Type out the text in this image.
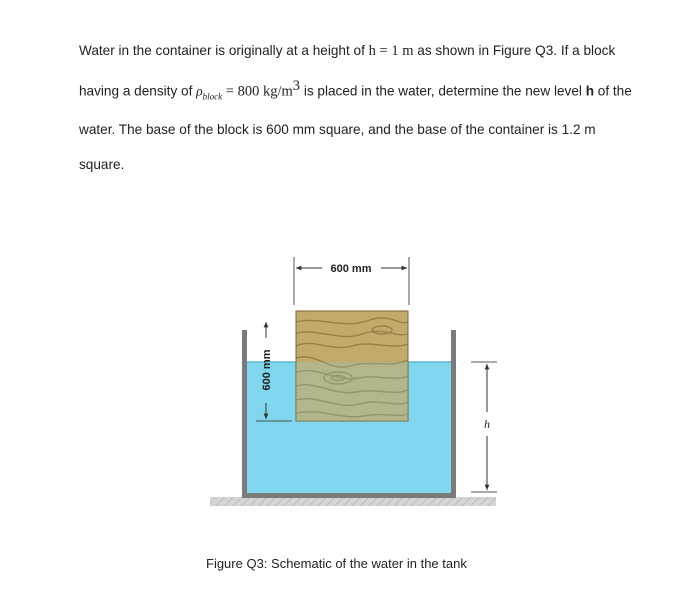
Water in the container is originally at a height of h = 1 m as shown in Figure Q3. If a block having a density of $\rho_{block} = 800$ $kg/m^3$ is placed in the water, determine the new level h of the water. The base of the block is 600 mm square, and the base of the container is 1.2 m square.

600 mm
600 mm
h

Figure Q3: Schematic of the water in the tank
